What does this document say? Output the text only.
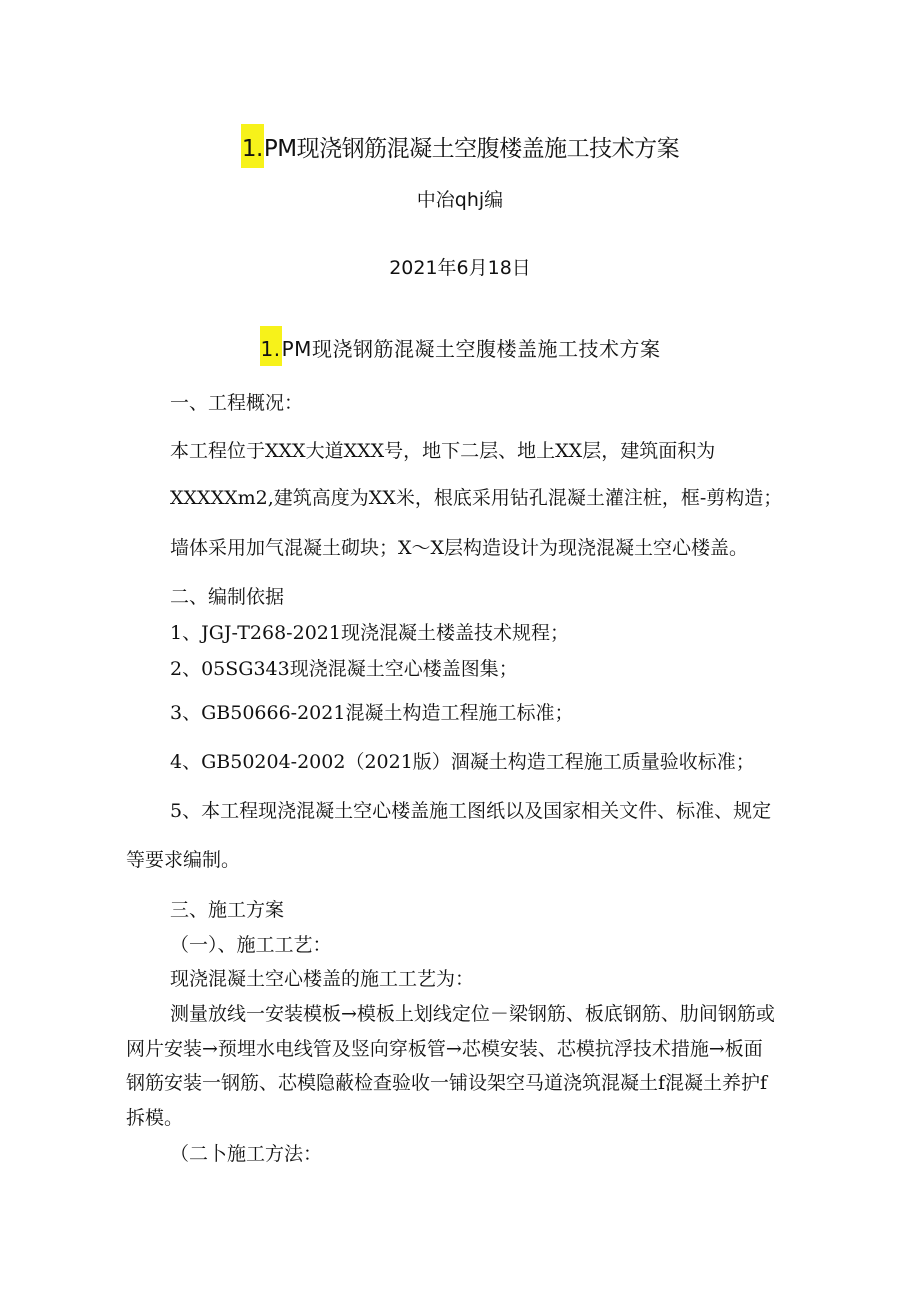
1.PM现浇钢筋混凝土空腹楼盖施工技术方案
中冶qhj编
2021年6月18日
1.PM现浇钢筋混凝土空腹楼盖施工技术方案
一、工程概况：
本工程位于XXX大道XXX号，地下二层、地上XX层，建筑面积为
XXXXXm2,建筑高度为XX米，根底采用钻孔混凝土灌注桩，框-剪构造；
墙体采用加气混凝土砌块；X～X层构造设计为现浇混凝土空心楼盖。
二、编制依据
1、JGJ-T268-2021现浇混凝土楼盖技术规程；
2、05SG343现浇混凝土空心楼盖图集；
3、GB50666-2021混凝土构造工程施工标准；
4、GB50204-2002（2021版）涸凝土构造工程施工质量验收标准；
5、本工程现浇混凝土空心楼盖施工图纸以及国家相关文件、标准、规定
等要求编制。
三、施工方案
（一）、施工工艺：
现浇混凝土空心楼盖的施工工艺为：
测量放线一安装模板→模板上划线定位－梁钢筋、板底钢筋、肋间钢筋或
网片安装→预埋水电线管及竖向穿板管→芯模安装、芯模抗浮技术措施→板面
钢筋安装一钢筋、芯模隐蔽检查验收一铺设架空马道浇筑混凝土f混凝土养护f
拆模。
（二卜施工方法：
